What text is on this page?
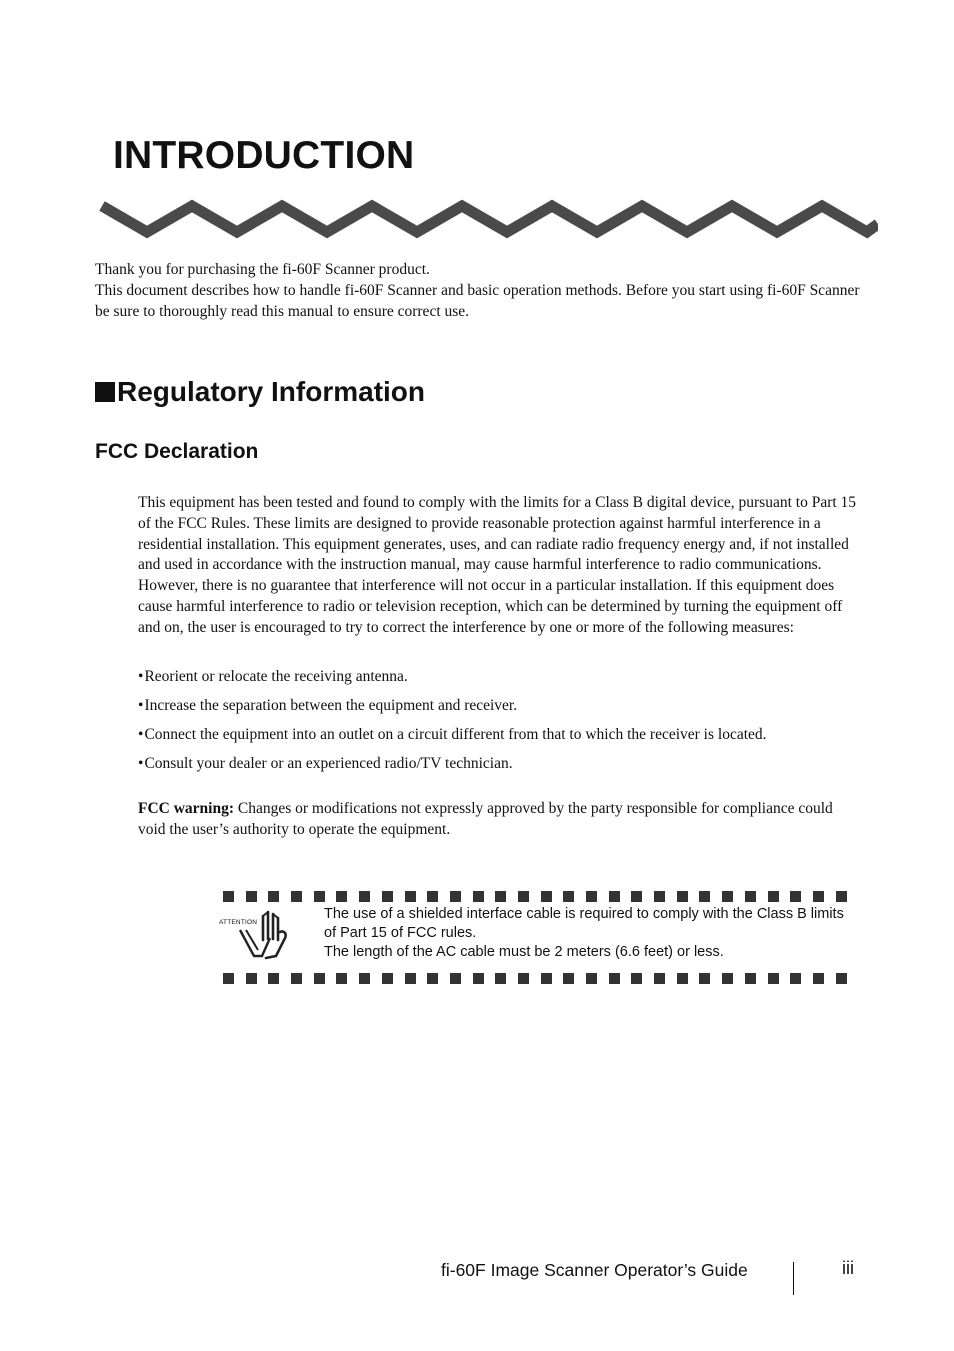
INTRODUCTION

Thank you for purchasing the fi-60F Scanner product.

This document describes how to handle fi-60F Scanner and basic operation methods. Before you start using fi-60F Scanner be sure to thoroughly read this manual to ensure correct use.

Regulatory Information
FCC Declaration

This equipment has been tested and found to comply with the limits for a Class B digital device, pursuant to Part 15 of the FCC Rules. These limits are designed to provide reasonable protection against harmful interference in a residential installation. This equipment generates, uses, and can radiate radio frequency energy and, if not installed and used in accordance with the instruction manual, may cause harmful interference to radio communications. However, there is no guarantee that interference will not occur in a particular installation. If this equipment does cause harmful interference to radio or television reception, which can be determined by turning the equipment off and on, the user is encouraged to try to correct the interference by one or more of the following measures:

•Reorient or relocate the receiving antenna.
•Increase the separation between the equipment and receiver.
•Connect the equipment into an outlet on a circuit different from that to which the receiver is located.
•Consult your dealer or an experienced radio/TV technician.

FCC warning: Changes or modifications not expressly approved by the party responsible for compliance could void the user’s authority to operate the equipment.

ATTENTION

The use of a shielded interface cable is required to comply with the Class B limits of Part 15 of FCC rules.

The length of the AC cable must be 2 meters (6.6 feet) or less.

fi-60F Image Scanner Operator’s Guide	iii
